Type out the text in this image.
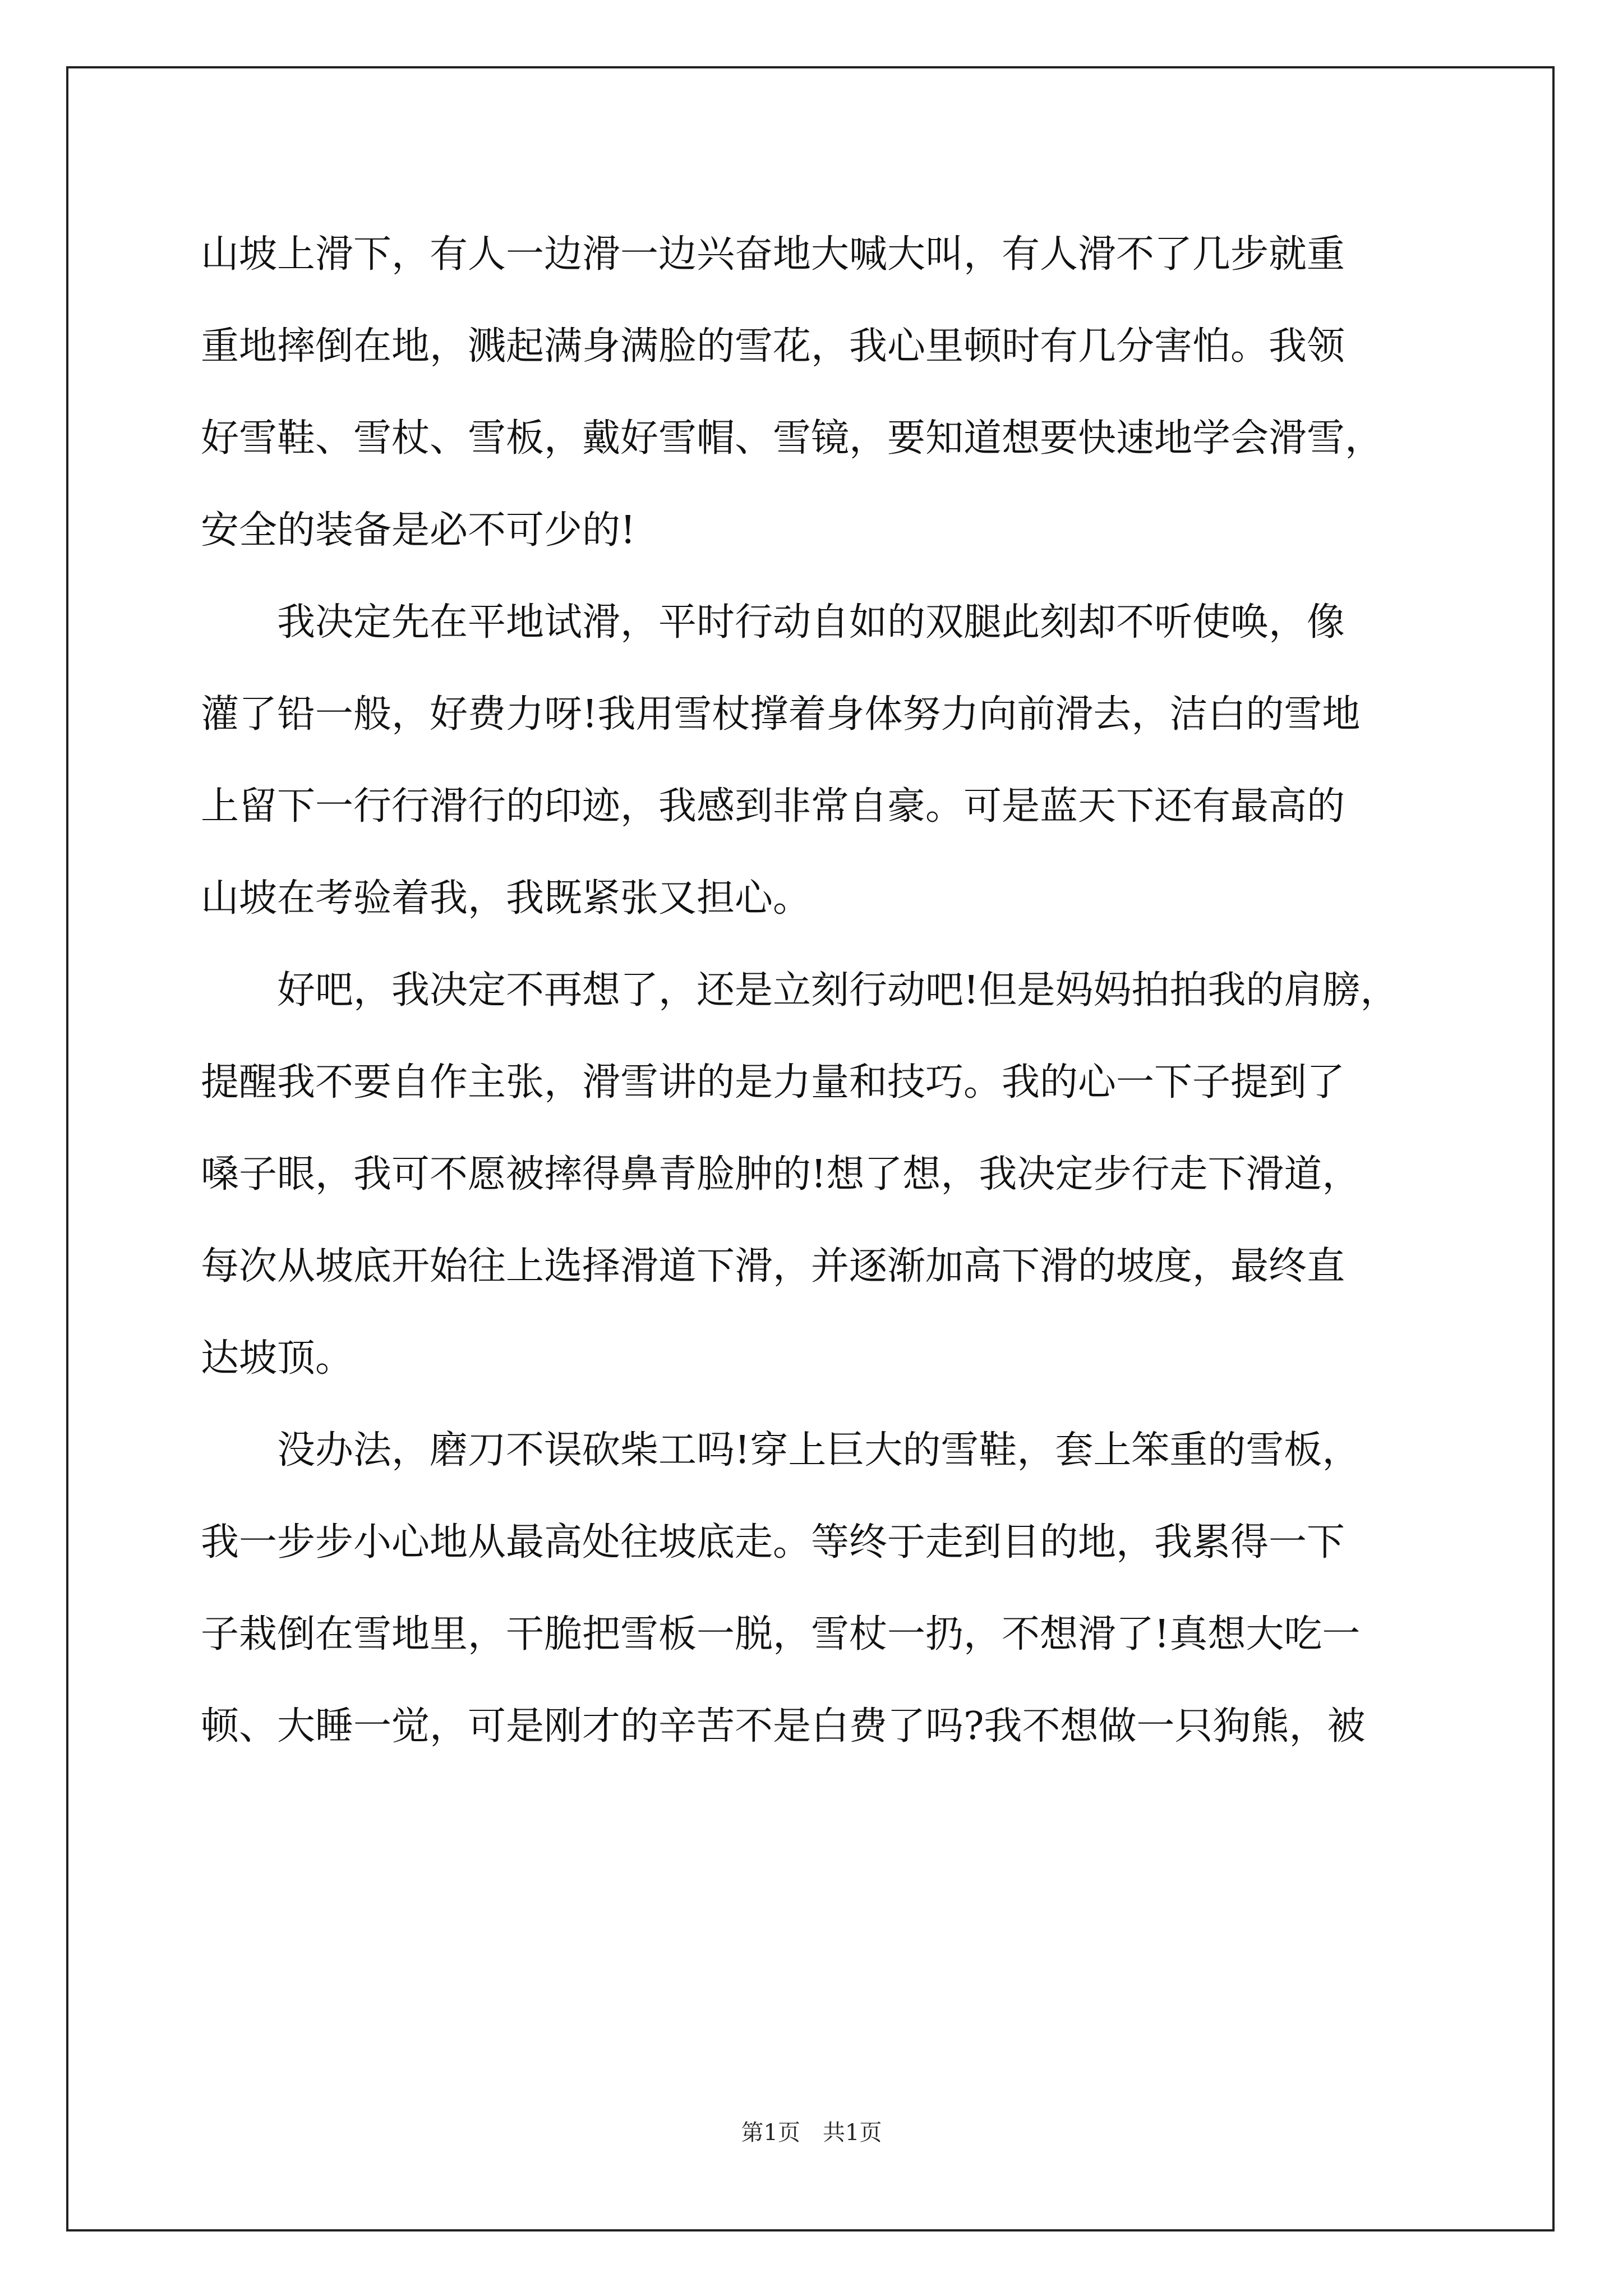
山坡上滑下，有人一边滑一边兴奋地大喊大叫，有人滑不了几步就重
重地摔倒在地，溅起满身满脸的雪花，我心里顿时有几分害怕。我领
好雪鞋、雪杖、雪板，戴好雪帽、雪镜，要知道想要快速地学会滑雪，
安全的装备是必不可少的!
我决定先在平地试滑，平时行动自如的双腿此刻却不听使唤，像
灌了铅一般，好费力呀!我用雪杖撑着身体努力向前滑去，洁白的雪地
上留下一行行滑行的印迹，我感到非常自豪。可是蓝天下还有最高的
山坡在考验着我，我既紧张又担心。
好吧，我决定不再想了，还是立刻行动吧!但是妈妈拍拍我的肩膀，
提醒我不要自作主张，滑雪讲的是力量和技巧。我的心一下子提到了
嗓子眼，我可不愿被摔得鼻青脸肿的!想了想，我决定步行走下滑道，
每次从坡底开始往上选择滑道下滑，并逐渐加高下滑的坡度，最终直
达坡顶。
没办法，磨刀不误砍柴工吗!穿上巨大的雪鞋，套上笨重的雪板，
我一步步小心地从最高处往坡底走。等终于走到目的地，我累得一下
子栽倒在雪地里，干脆把雪板一脱，雪杖一扔，不想滑了!真想大吃一
顿、大睡一觉，可是刚才的辛苦不是白费了吗?我不想做一只狗熊，被
第1页 共1页
